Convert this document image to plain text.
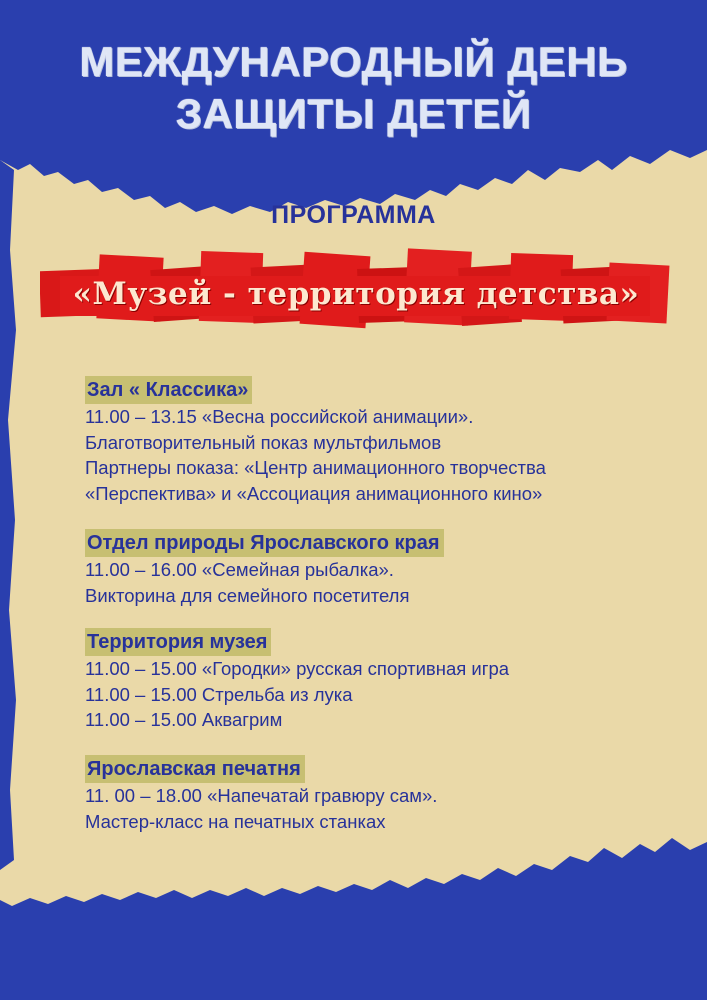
МЕЖДУНАРОДНЫЙ ДЕНЬ
ЗАЩИТЫ ДЕТЕЙ
ПРОГРАММА
«Музей - территория детства»
Зал « Классика»
11.00 – 13.15 «Весна российской анимации».
Благотворительный показ мультфильмов
Партнеры показа: «Центр анимационного творчества
«Перспектива» и «Ассоциация анимационного кино»
Отдел природы Ярославского края
11.00 – 16.00 «Семейная рыбалка».
Викторина для семейного посетителя
Территория музея
11.00 – 15.00 «Городки» русская спортивная игра
11.00 – 15.00 Стрельба из лука
11.00 – 15.00 Аквагрим
Ярославская печатня
11. 00 – 18.00 «Напечатай гравюру сам».
Мастер-класс на печатных станках
